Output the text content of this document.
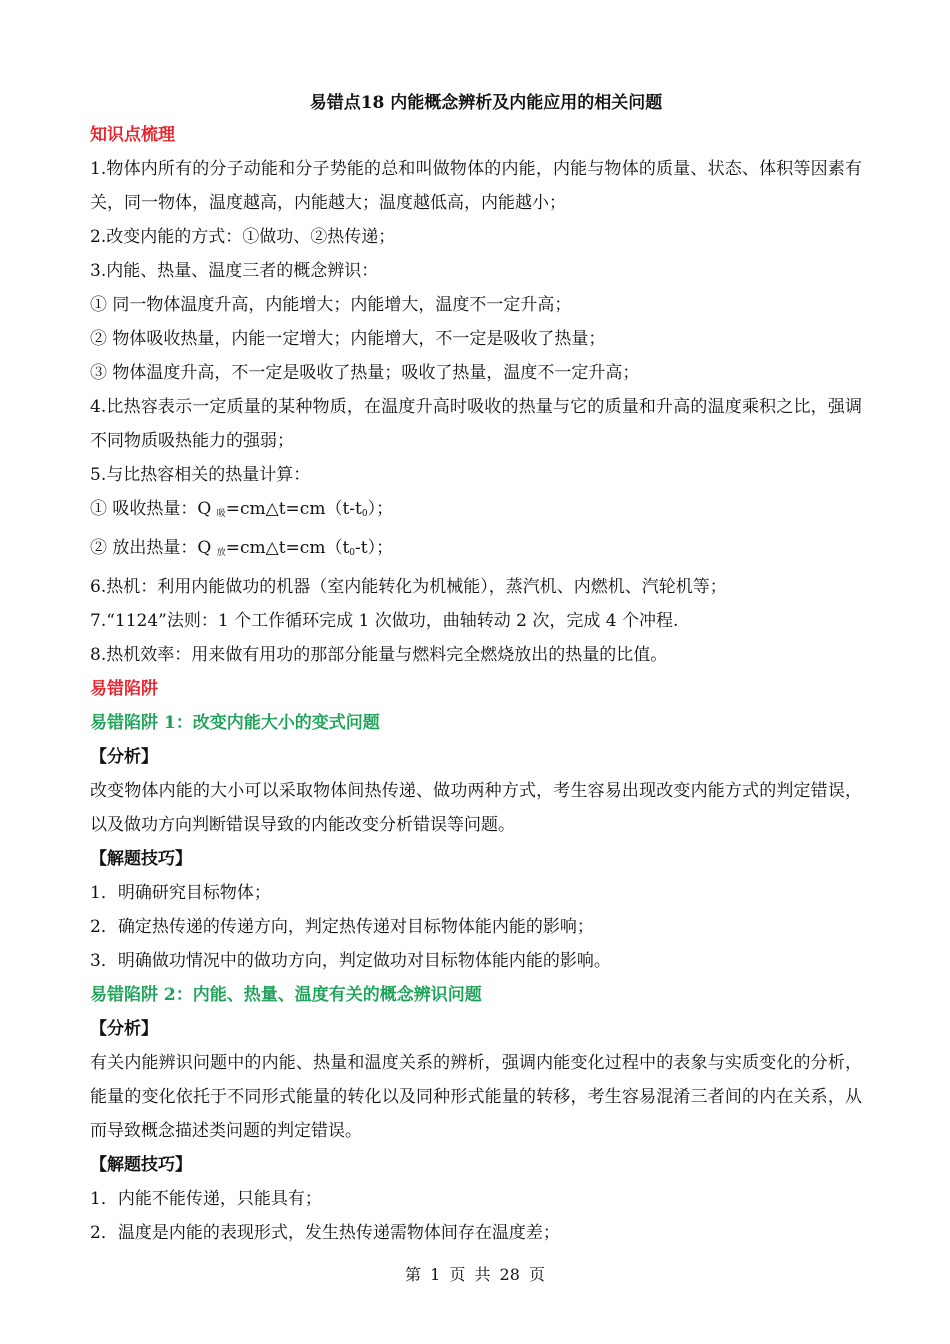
易错点18 内能概念辨析及内能应用的相关问题
知识点梳理
1.物体内所有的分子动能和分子势能的总和叫做物体的内能，内能与物体的质量、状态、体积等因素有关，同一物体，温度越高，内能越大；温度越低高，内能越小；
2.改变内能的方式：①做功、②热传递；
3.内能、热量、温度三者的概念辨识：
① 同一物体温度升高，内能增大；内能增大，温度不一定升高；
② 物体吸收热量，内能一定增大；内能增大，不一定是吸收了热量；
③ 物体温度升高，不一定是吸收了热量；吸收了热量，温度不一定升高；
4.比热容表示一定质量的某种物质，在温度升高时吸收的热量与它的质量和升高的温度乘积之比，强调不同物质吸热能力的强弱；
5.与比热容相关的热量计算：
① 吸收热量：Q $_吸=cm\triangle t=cm(t-t_0)$；
② 放出热量：Q $_放=cm\triangle t=cm(t_0-t)$；
6.热机：利用内能做功的机器（室内能转化为机械能），蒸汽机、内燃机、汽轮机等；
7.“1124”法则：1 个工作循环完成 1 次做功，曲轴转动 2 次，完成 4 个冲程.
8.热机效率：用来做有用功的那部分能量与燃料完全燃烧放出的热量的比值。
易错陷阱
易错陷阱 1：改变内能大小的变式问题
【分析】
改变物体内能的大小可以采取物体间热传递、做功两种方式，考生容易出现改变内能方式的判定错误，以及做功方向判断错误导致的内能改变分析错误等问题。
【解题技巧】
1．明确研究目标物体；
2．确定热传递的传递方向，判定热传递对目标物体能内能的影响；
3．明确做功情况中的做功方向，判定做功对目标物体能内能的影响。
易错陷阱 2：内能、热量、温度有关的概念辨识问题
【分析】
有关内能辨识问题中的内能、热量和温度关系的辨析，强调内能变化过程中的表象与实质变化的分析，能量的变化依托于不同形式能量的转化以及同种形式能量的转移，考生容易混淆三者间的内在关系，从而导致概念描述类问题的判定错误。
【解题技巧】
1．内能不能传递，只能具有；
2．温度是内能的表现形式，发生热传递需物体间存在温度差；
第 1 页 共 28 页
